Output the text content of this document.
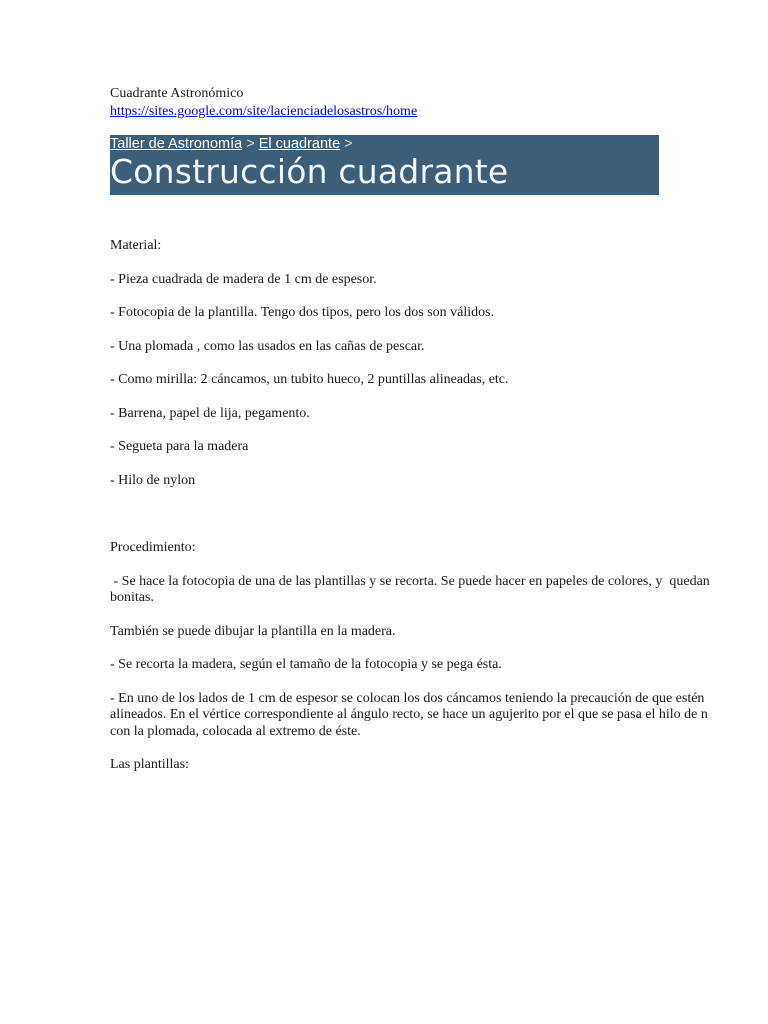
Cuadrante Astronómico

https://sites.google.com/site/lacienciadelosastros/home
Taller de Astronomía > El cuadrante >
Construcción cuadrante

Material:

- Pieza cuadrada de madera de 1 cm de espesor.

- Fotocopia de la plantilla. Tengo dos tipos, pero los dos son válidos.

- Una plomada , como las usados en las cañas de pescar.

- Como mirilla: 2 cáncamos, un tubito hueco, 2 puntillas alineadas, etc.

- Barrena, papel de lija, pegamento.

- Segueta para la madera

- Hilo de nylon

Procedimiento:

- Se hace la fotocopia de una de las plantillas y se recorta. Se puede hacer en papeles de colores, y  quedan

bonitas.

También se puede dibujar la plantilla en la madera.

- Se recorta la madera, según el tamaño de la fotocopia y se pega ésta.

- En uno de los lados de 1 cm de espesor se colocan los dos cáncamos teniendo la precaución de que estén

alineados. En el vértice correspondiente al ángulo recto, se hace un agujerito por el que se pasa el hilo de n

con la plomada, colocada al extremo de éste.

Las plantillas:
